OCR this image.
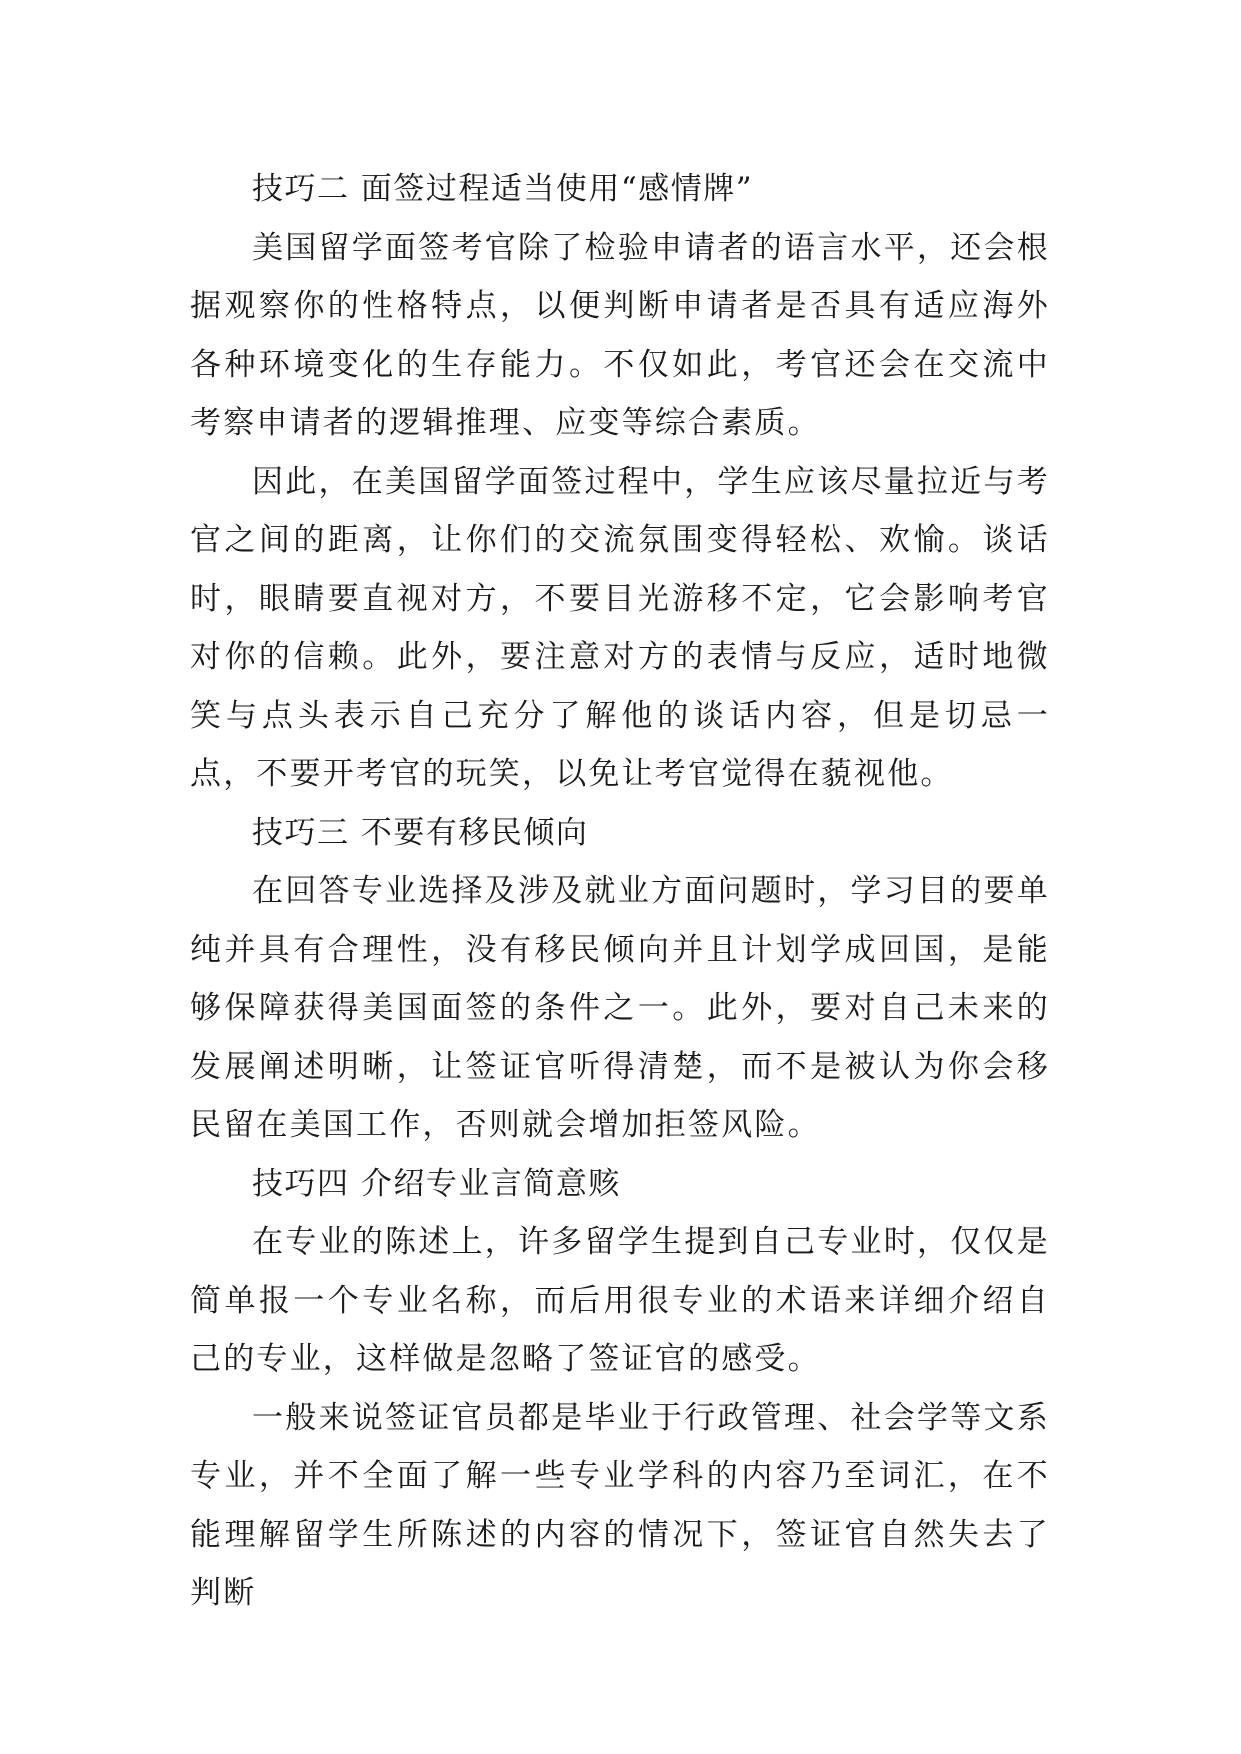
技巧二 面签过程适当使用“感情牌”

美国留学面签考官除了检验申请者的语言水平，还会根据观察你的性格特点，以便判断申请者是否具有适应海外各种环境变化的生存能力。不仅如此，考官还会在交流中考察申请者的逻辑推理、应变等综合素质。

因此，在美国留学面签过程中，学生应该尽量拉近与考官之间的距离，让你们的交流氛围变得轻松、欢愉。谈话时，眼睛要直视对方，不要目光游移不定，它会影响考官对你的信赖。此外，要注意对方的表情与反应，适时地微笑与点头表示自己充分了解他的谈话内容，但是切忌一点，不要开考官的玩笑，以免让考官觉得在藐视他。

技巧三 不要有移民倾向

在回答专业选择及涉及就业方面问题时，学习目的要单纯并具有合理性，没有移民倾向并且计划学成回国，是能够保障获得美国面签的条件之一。此外，要对自己未来的发展阐述明晰，让签证官听得清楚，而不是被认为你会移民留在美国工作，否则就会增加拒签风险。

技巧四 介绍专业言简意赅

在专业的陈述上，许多留学生提到自己专业时，仅仅是简单报一个专业名称，而后用很专业的术语来详细介绍自己的专业，这样做是忽略了签证官的感受。

一般来说签证官员都是毕业于行政管理、社会学等文系专业，并不全面了解一些专业学科的内容乃至词汇，在不能理解留学生所陈述的内容的情况下，签证官自然失去了判断
